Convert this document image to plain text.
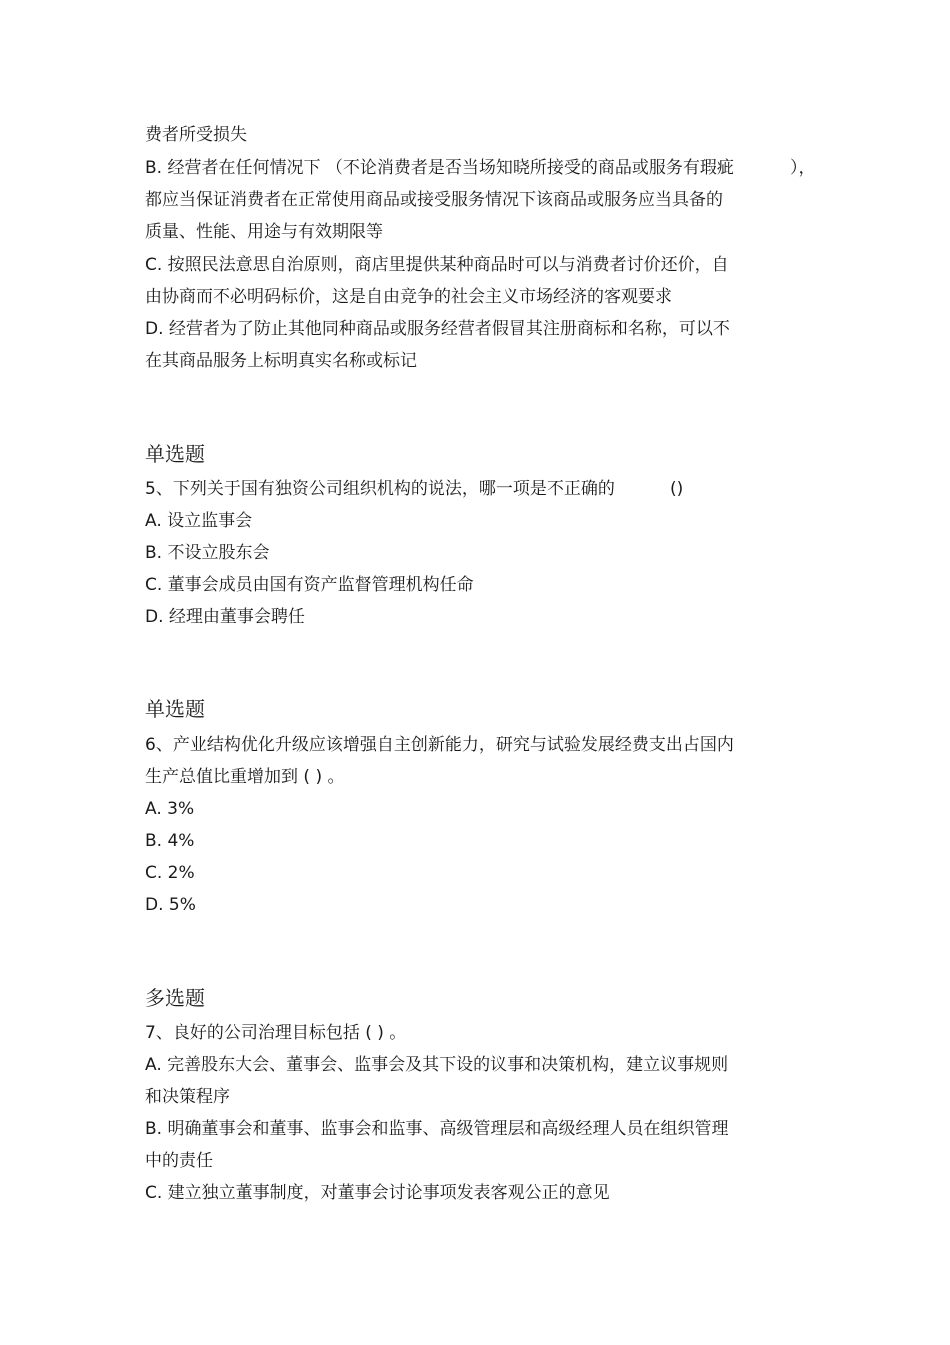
费者所受损失
B. 经营者在任何情况下 （不论消费者是否当场知晓所接受的商品或服务有瑕疵	），
都应当保证消费者在正常使用商品或接受服务情况下该商品或服务应当具备的
质量、性能、用途与有效期限等
C. 按照民法意思自治原则，商店里提供某种商品时可以与消费者讨价还价，自
由协商而不必明码标价，这是自由竞争的社会主义市场经济的客观要求
D. 经营者为了防止其他同种商品或服务经营者假冒其注册商标和名称，可以不
在其商品服务上标明真实名称或标记
单选题
5、下列关于国有独资公司组织机构的说法，哪一项是不正确的	()
A. 设立监事会
B. 不设立股东会
C. 董事会成员由国有资产监督管理机构任命
D. 经理由董事会聘任
单选题
6、产业结构优化升级应该增强自主创新能力，研究与试验发展经费支出占国内
生产总值比重增加到 ( ) 。
A. 3%
B. 4%
C. 2%
D. 5%
多选题
7、良好的公司治理目标包括 ( ) 。
A. 完善股东大会、董事会、监事会及其下设的议事和决策机构，建立议事规则
和决策程序
B. 明确董事会和董事、监事会和监事、高级管理层和高级经理人员在组织管理
中的责任
C. 建立独立董事制度，对董事会讨论事项发表客观公正的意见
